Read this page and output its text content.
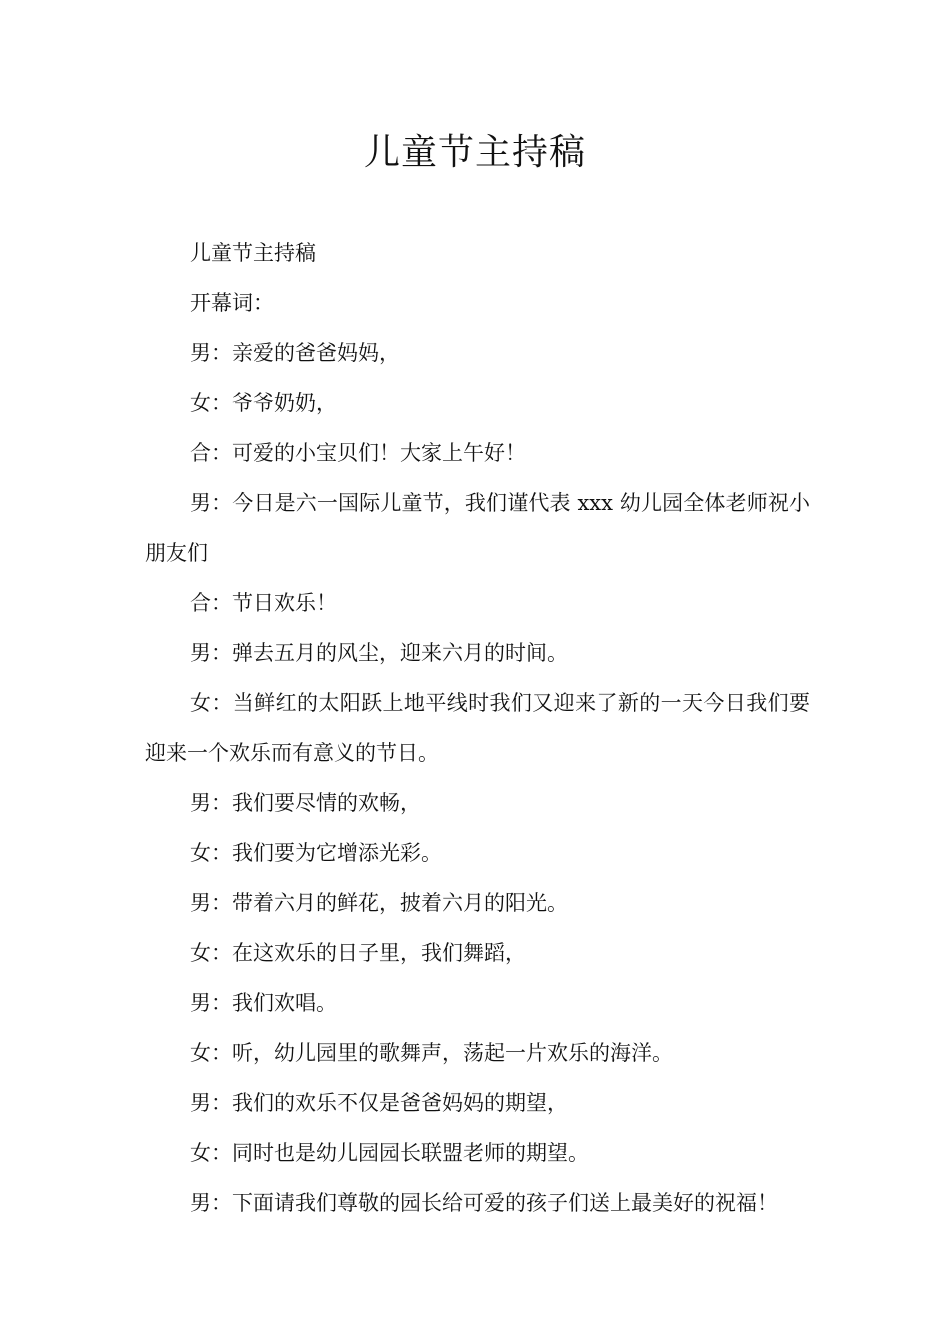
儿童节主持稿

儿童节主持稿

开幕词：

男：亲爱的爸爸妈妈，

女：爷爷奶奶，

合：可爱的小宝贝们！大家上午好！

男：今日是六一国际儿童节，我们谨代表 xxx 幼儿园全体老师祝小朋友们

合：节日欢乐！

男：弹去五月的风尘，迎来六月的时间。

女：当鲜红的太阳跃上地平线时我们又迎来了新的一天今日我们要迎来一个欢乐而有意义的节日。

男：我们要尽情的欢畅，

女：我们要为它增添光彩。

男：带着六月的鲜花，披着六月的阳光。

女：在这欢乐的日子里，我们舞蹈，

男：我们欢唱。

女：听，幼儿园里的歌舞声，荡起一片欢乐的海洋。

男：我们的欢乐不仅是爸爸妈妈的期望，

女：同时也是幼儿园园长联盟老师的期望。

男：下面请我们尊敬的园长给可爱的孩子们送上最美好的祝福！
